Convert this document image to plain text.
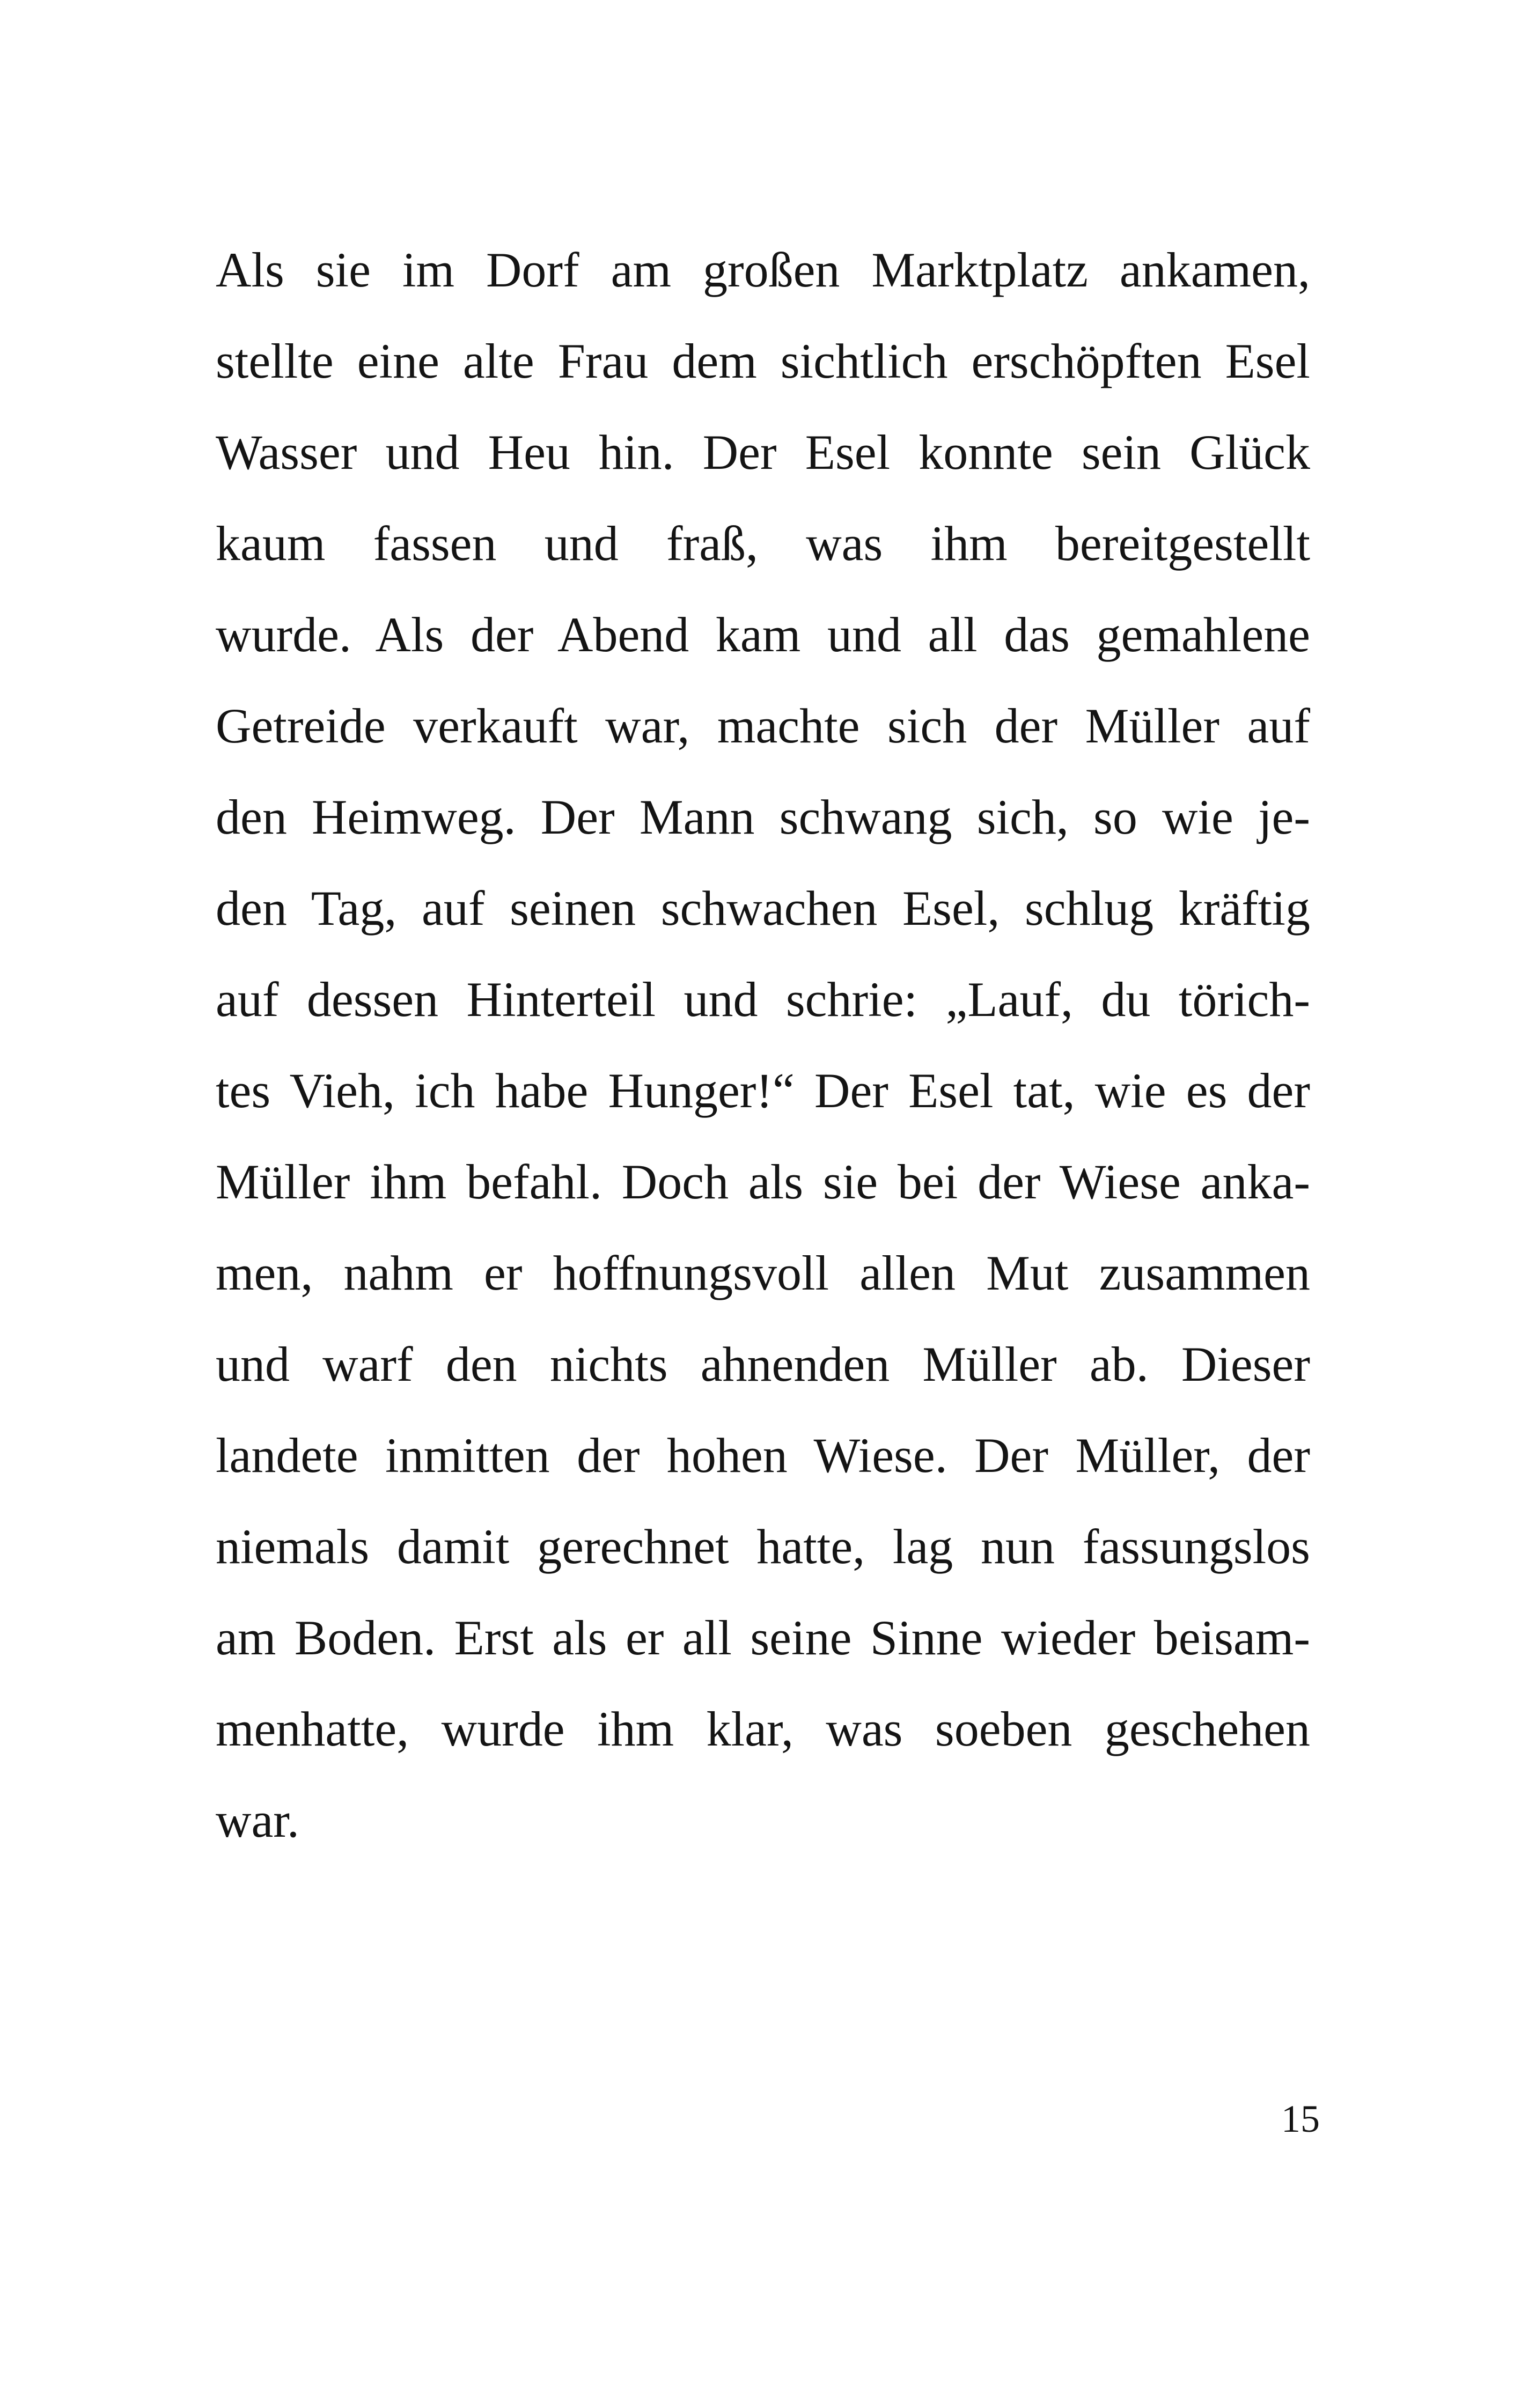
Als sie im Dorf am großen Marktplatz ankamen,
stellte eine alte Frau dem sichtlich erschöpften Esel
Wasser und Heu hin. Der Esel konnte sein Glück
kaum fassen und fraß, was ihm bereitgestellt
wurde. Als der Abend kam und all das gemahlene
Getreide verkauft war, machte sich der Müller auf
den Heimweg. Der Mann schwang sich, so wie je-
den Tag, auf seinen schwachen Esel, schlug kräftig
auf dessen Hinterteil und schrie: „Lauf, du törich-
tes Vieh, ich habe Hunger!“ Der Esel tat, wie es der
Müller ihm befahl. Doch als sie bei der Wiese anka-
men, nahm er hoffnungsvoll allen Mut zusammen
und warf den nichts ahnenden Müller ab. Dieser
landete inmitten der hohen Wiese. Der Müller, der
niemals damit gerechnet hatte, lag nun fassungslos
am Boden. Erst als er all seine Sinne wieder beisam-
menhatte, wurde ihm klar, was soeben geschehen
war.
15
